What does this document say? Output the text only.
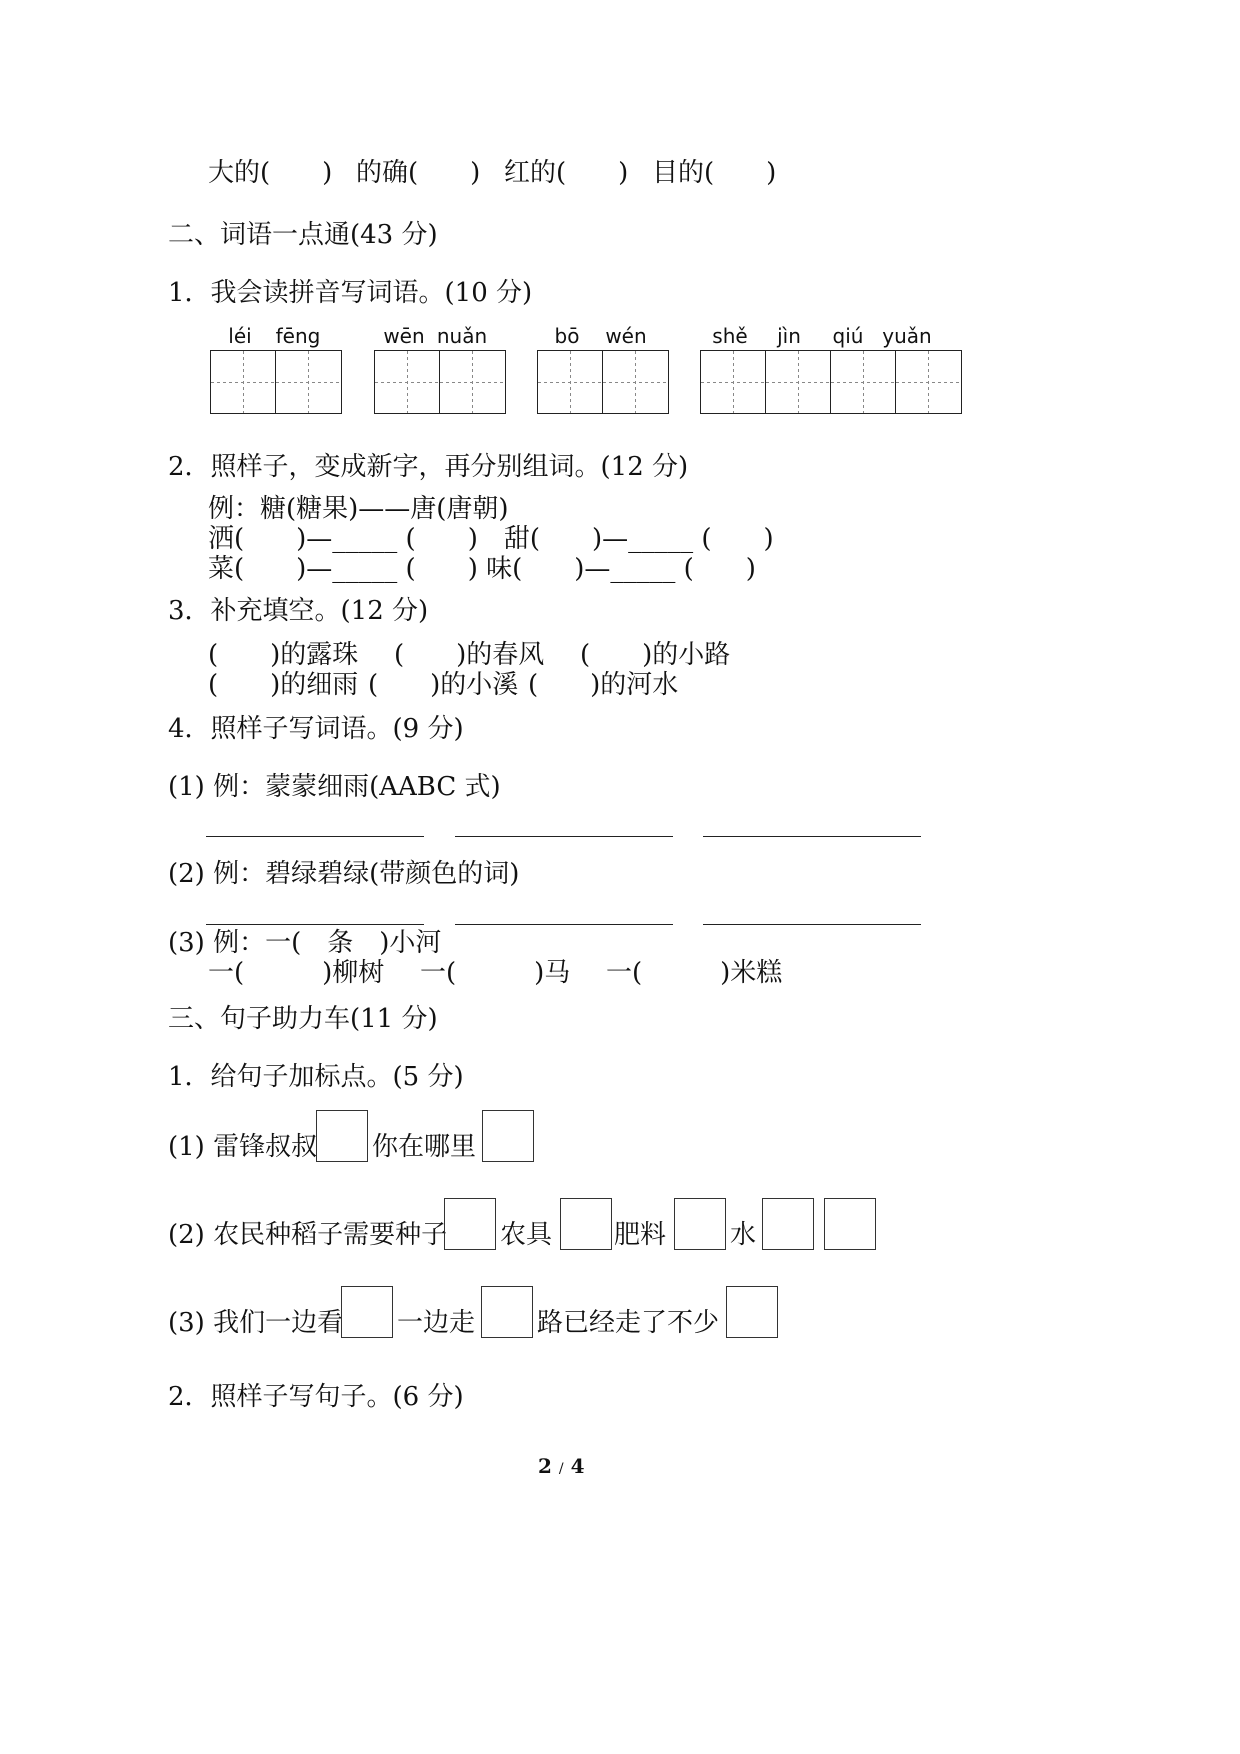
大的(　　) 的确(　　) 红的(　　) 目的(　　)
二、词语一点通(43 分)
1．我会读拼音写词语。(10 分)
léi	fēng	wēn nuǎn	bō	wén	shě	jìn	qiú yuǎn
2．照样子，变成新字，再分别组词。(12 分)
例：糖(糖果)——唐(唐朝)
洒(　　)—_____ (　　)　甜(　　)—_____ (　　)
菜(　　)—_____ (　　) 味(　　)—_____ (　　)
3．补充填空。(12 分)
(　　)的露珠 (　　)的春风 (　　)的小路
(　　)的细雨 (　　)的小溪 (　　)的河水
4．照样子写词语。(9 分)
(1) 例：蒙蒙细雨(AABC 式)
(2) 例：碧绿碧绿(带颜色的词)
(3) 例：一(　条　)小河
一(　　　)柳树 一(　　　)马 一(　　　)米糕
三、句子助力车(11 分)
1．给句子加标点。(5 分)
(1) 雷锋叔叔 你在哪里
(2) 农民种稻子需要种子 农具 肥料 水
(3) 我们一边看 一边走 路已经走了不少
2．照样子写句子。(6 分)
2 / 4
